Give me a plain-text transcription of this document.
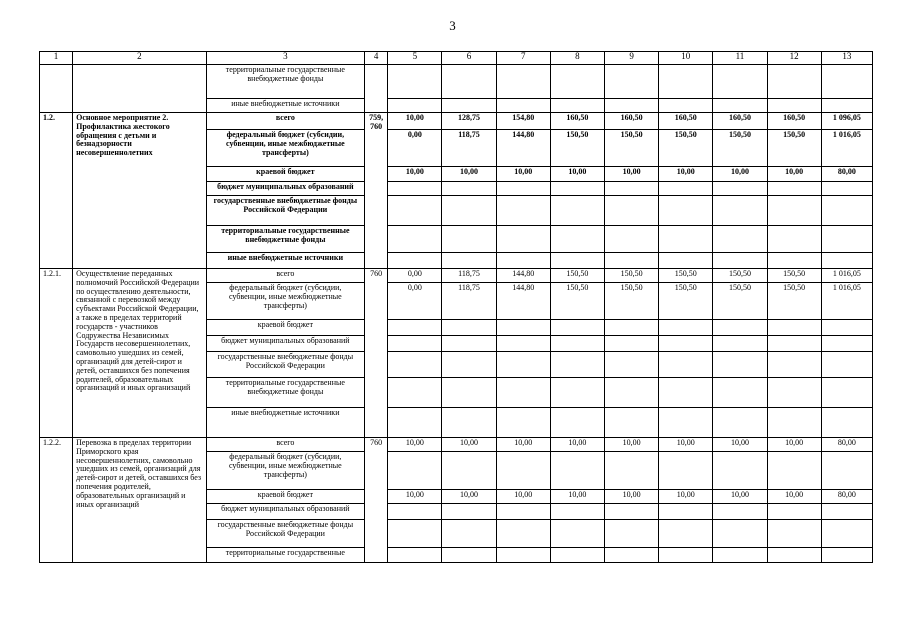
3
1	2	3	4	5	6	7	8	9	10	11	12	13
		территориальные государственные внебюджетные фонды										
		иные внебюджетные источники										
1.2.	Основное мероприятие 2. Профилактика жестокого обращения с детьми и безнадзорности несовершеннолетних	всего	759, 760	10,00	128,75	154,80	160,50	160,50	160,50	160,50	160,50	1 096,05
		федеральный бюджет (субсидии, субвенции, иные межбюджетные трансферты)		0,00	118,75	144,80	150,50	150,50	150,50	150,50	150,50	1 016,05
		краевой бюджет		10,00	10,00	10,00	10,00	10,00	10,00	10,00	10,00	80,00
		бюджет муниципальных образований										
		государственные внебюджетные фонды Российской Федерации										
		территориальные государственные внебюджетные фонды										
		иные внебюджетные источники										
1.2.1.	Осуществление переданных полномочий Российской Федерации по осуществлению деятельности, связанной с перевозкой между субъектами Российской Федерации, а также в пределах территорий государств - участников Содружества Независимых Государств несовершеннолетних, самовольно ушедших из семей, организаций для детей-сирот и детей, оставшихся без попечения родителей, образовательных организаций и иных организаций	всего	760	0,00	118,75	144,80	150,50	150,50	150,50	150,50	150,50	1 016,05
		федеральный бюджет (субсидии, субвенции, иные межбюджетные трансферты)		0,00	118,75	144,80	150,50	150,50	150,50	150,50	150,50	1 016,05
		краевой бюджет										
		бюджет муниципальных образований										
		государственные внебюджетные фонды Российской Федерации										
		территориальные государственные внебюджетные фонды										
		иные внебюджетные источники										
1.2.2.	Перевозка в пределах территории Приморского края несовершеннолетних, самовольно ушедших из семей, организаций для детей-сирот и детей, оставшихся без попечения родителей, образовательных организаций и иных организаций	всего	760	10,00	10,00	10,00	10,00	10,00	10,00	10,00	10,00	80,00
		федеральный бюджет (субсидии, субвенции, иные межбюджетные трансферты)										
		краевой бюджет		10,00	10,00	10,00	10,00	10,00	10,00	10,00	10,00	80,00
		бюджет муниципальных образований										
		государственные внебюджетные фонды Российской Федерации										
		территориальные государственные										
